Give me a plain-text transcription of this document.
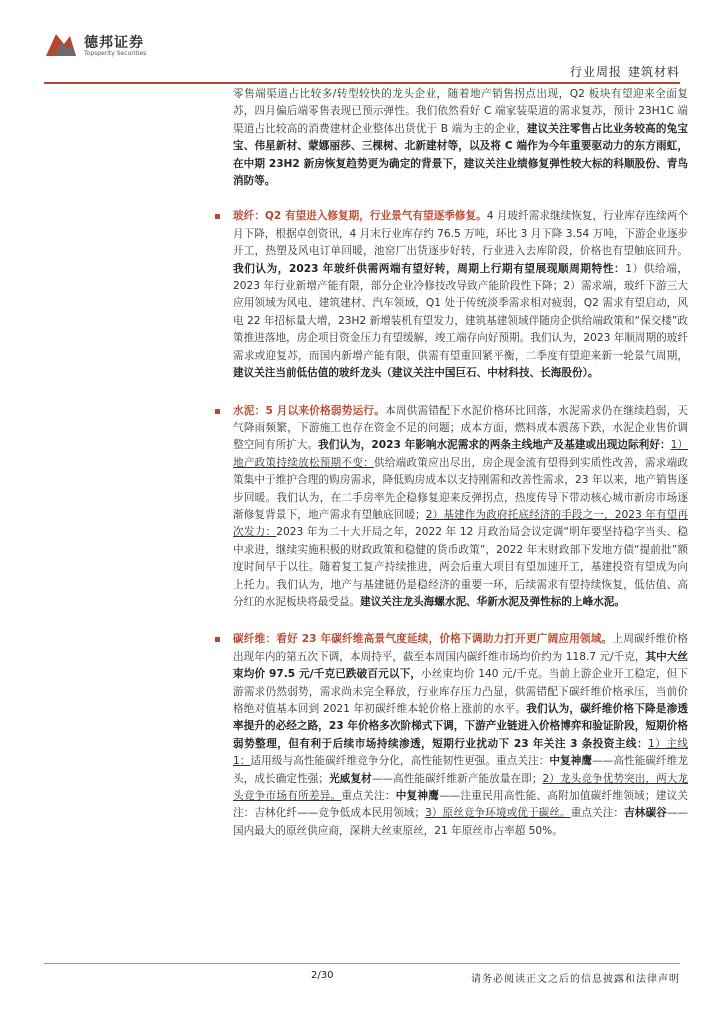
德邦证券
Topsperity Securities
行业周报 建筑材料

零售端渠道占比较多/转型较快的龙头企业，随着地产销售拐点出现，Q2 板块有望迎来全面复苏，四月偏后端零售表现已预示弹性。我们依然看好 C 端家装渠道的需求复苏，预计 23H1C 端渠道占比较高的消费建材企业整体出货优于 B 端为主的企业，建议关注零售占比业务较高的兔宝宝、伟星新材、蒙娜丽莎、三棵树、北新建材等，以及将 C 端作为今年重要驱动力的东方雨虹，在中期 23H2 新房恢复趋势更为确定的背景下，建议关注业绩修复弹性较大标的科顺股份、青鸟消防等。

玻纤：Q2 有望进入修复期，行业景气有望逐季修复。4 月玻纤需求继续恢复，行业库存连续两个月下降，根据卓创资讯，4 月末行业库存约 76.5 万吨，环比 3 月下降 3.54 万吨，下游企业逐步开工，热塑及风电订单回暖，池窑厂出货逐步好转，行业进入去库阶段，价格也有望触底回升。我们认为，2023 年玻纤供需两端有望好转，周期上行期有望展现顺周期特性：1）供给端，2023 年行业新增产能有限，部分企业冷修技改导致产能阶段性下降；2）需求端，玻纤下游三大应用领域为风电、建筑建材、汽车领域，Q1 处于传统淡季需求相对疲弱，Q2 需求有望启动，风电 22 年招标量大增，23H2 新增装机有望发力，建筑基建领域伴随房企供给端政策和“保交楼”政策推进落地，房企项目资金压力有望缓解，竣工端存向好预期。我们认为，2023 年顺周期的玻纤需求或迎复苏，而国内新增产能有限，供需有望重回紧平衡，二季度有望迎来新一轮景气周期，建议关注当前低估值的玻纤龙头（建议关注中国巨石、中材科技、长海股份）。

水泥：5 月以来价格弱势运行。本周供需错配下水泥价格环比回落，水泥需求仍在继续趋弱，天气降雨频繁，下游施工也存在资金不足的问题；成本方面，燃料成本震荡下跌，水泥企业售价调整空间有所扩大。我们认为，2023 年影响水泥需求的两条主线地产及基建或出现边际利好：1）地产政策持续放松预期不变：供给端政策应出尽出，房企现金流有望得到实质性改善，需求端政策集中于维护合理的购房需求，降低购房成本以支持刚需和改善性需求，23 年以来，地产销售逐步回暖。我们认为，在二手房率先企稳修复迎来反弹拐点，热度传导下带动核心城市新房市场逐渐修复背景下，地产需求有望触底回暖；2）基建作为政府托底经济的手段之一，2023 年有望再次发力：2023 年为二十大开局之年，2022 年 12 月政治局会议定调“明年要坚持稳字当头、稳中求进，继续实施积极的财政政策和稳健的货币政策”，2022 年末财政部下发地方债“提前批”额度时间早于以往。随着复工复产持续推进，两会后重大项目有望加速开工，基建投资有望成为向上托力。我们认为，地产与基建链仍是稳经济的重要一环，后续需求有望持续恢复，低估值、高分红的水泥板块将最受益。建议关注龙头海螺水泥、华新水泥及弹性标的上峰水泥。

碳纤维：看好 23 年碳纤维高景气度延续，价格下调助力打开更广阔应用领域。上周碳纤维价格出现年内的第五次下调，本周持平，截至本周国内碳纤维市场均价约为 118.7 元/千克，其中大丝束均价 97.5 元/千克已跌破百元以下，小丝束均价 140 元/千克。当前上游企业开工稳定，但下游需求仍然弱势，需求尚未完全释放，行业库存压力凸显，供需错配下碳纤维价格承压，当前价格绝对值基本回到 2021 年初碳纤维本轮价格上涨前的水平。我们认为，碳纤维价格下降是渗透率提升的必经之路，23 年价格多次阶梯式下调，下游产业链进入价格博弈和验证阶段，短期价格弱势整理，但有利于后续市场持续渗透，短期行业扰动下 23 年关注 3 条投资主线：1）主线 1：适用级与高性能碳纤维竞争分化，高性能韧性更强。重点关注：中复神鹰——高性能碳纤维龙头，成长确定性强；光威复材——高性能碳纤维新产能放量在即；2）龙头竞争优势突出，两大龙头竞争市场有所差异。重点关注：中复神鹰——注重民用高性能、高附加值碳纤维领域；建议关注：吉林化纤——竞争低成本民用领域；3）原丝竞争环境或优于碳丝。重点关注：吉林碳谷——国内最大的原丝供应商，深耕大丝束原丝，21 年原丝市占率超 50%。

2/30	请务必阅读正文之后的信息披露和法律声明
